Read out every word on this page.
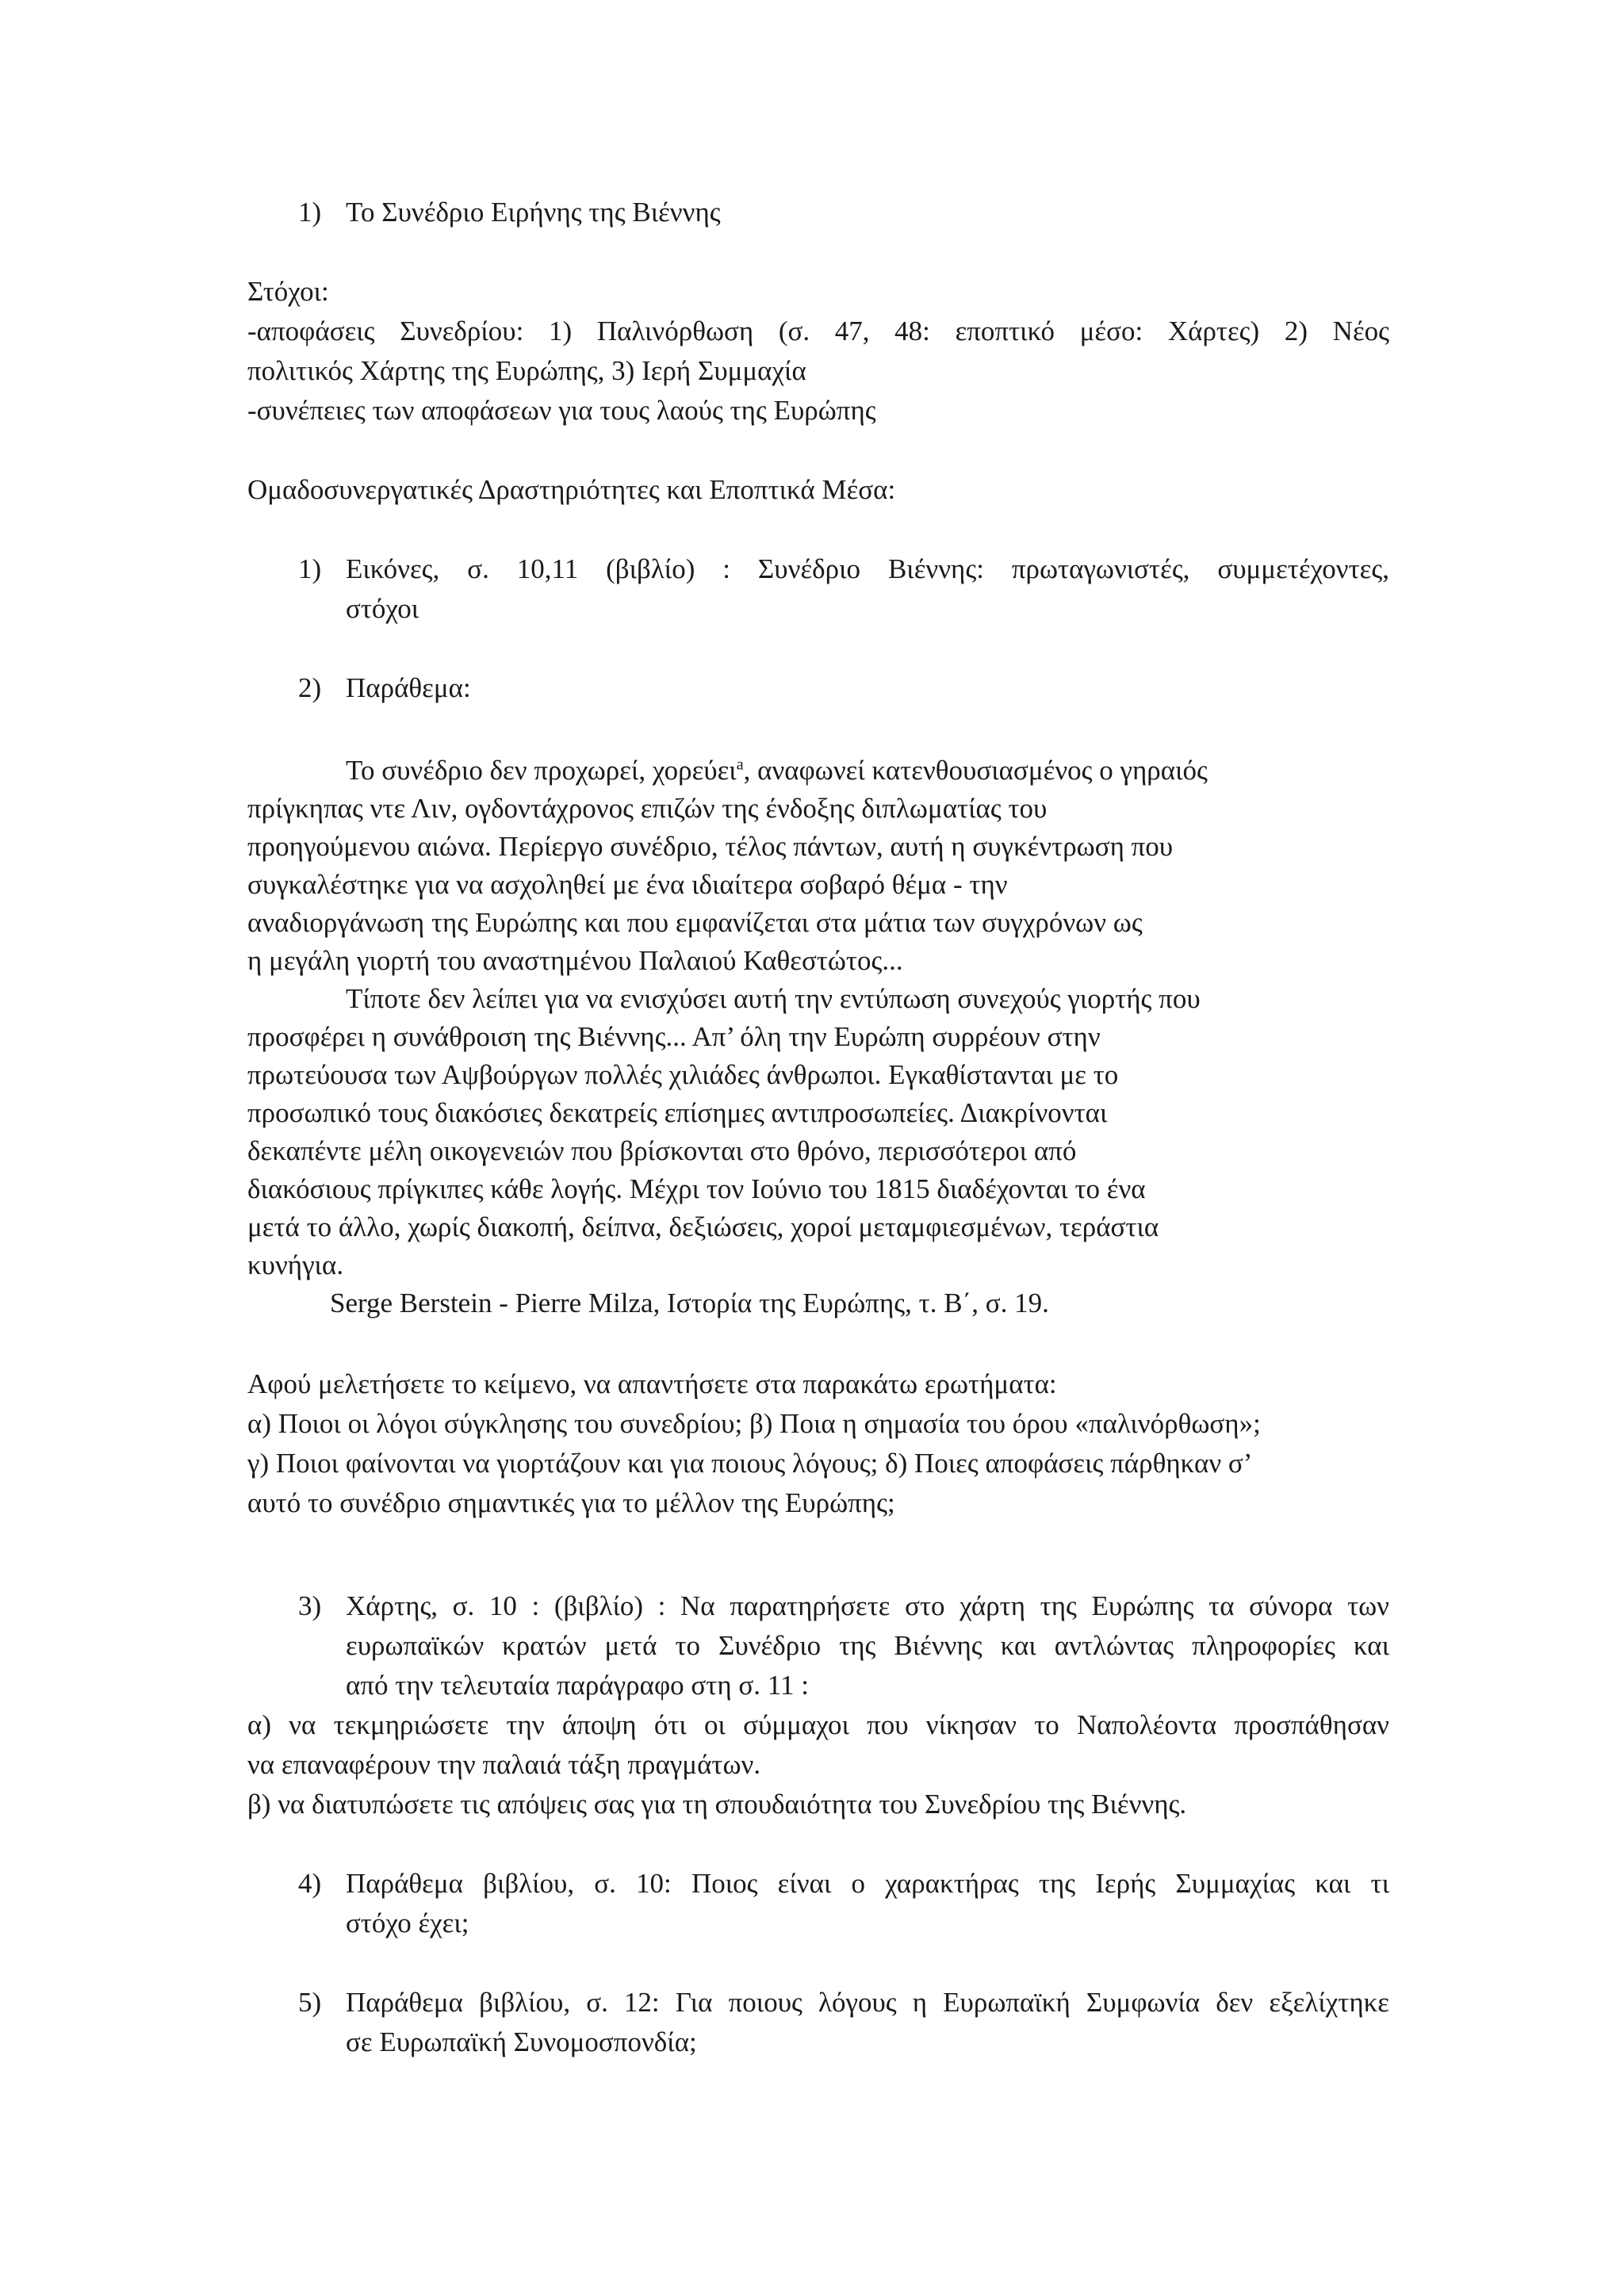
1) Το Συνέδριο Ειρήνης της Βιέννης
Στόχοι:
-αποφάσεις Συνεδρίου: 1) Παλινόρθωση (σ. 47, 48: εποπτικό μέσο: Χάρτες) 2) Νέος
πολιτικός Χάρτης της Ευρώπης, 3) Ιερή Συμμαχία
-συνέπειες των αποφάσεων για τους λαούς της Ευρώπης
Ομαδοσυνεργατικές Δραστηριότητες και Εποπτικά Μέσα:
1) Εικόνες, σ. 10,11 (βιβλίο) : Συνέδριο Βιέννης: πρωταγωνιστές, συμμετέχοντες,
στόχοι
2) Παράθεμα:
Το συνέδριο δεν προχωρεί, χορεύει$^a$, αναφωνεί κατενθουσιασμένος ο γηραιός
πρίγκηπας ντε Λιν, ογδοντάχρονος επιζών της ένδοξης διπλωματίας του
προηγούμενου αιώνα. Περίεργο συνέδριο, τέλος πάντων, αυτή η συγκέντρωση που
συγκαλέστηκε για να ασχοληθεί με ένα ιδιαίτερα σοβαρό θέμα - την
αναδιοργάνωση της Ευρώπης και που εμφανίζεται στα μάτια των συγχρόνων ως
η μεγάλη γιορτή του αναστημένου Παλαιού Καθεστώτος...
Τίποτε δεν λείπει για να ενισχύσει αυτή την εντύπωση συνεχούς γιορτής που
προσφέρει η συνάθροιση της Βιέννης... Απ’ όλη την Ευρώπη συρρέουν στην
πρωτεύουσα των Αψβούργων πολλές χιλιάδες άνθρωποι. Εγκαθίστανται με το
προσωπικό τους διακόσιες δεκατρείς επίσημες αντιπροσωπείες. Διακρίνονται
δεκαπέντε μέλη οικογενειών που βρίσκονται στο θρόνο, περισσότεροι από
διακόσιους πρίγκιπες κάθε λογής. Μέχρι τον Ιούνιο του 1815 διαδέχονται το ένα
μετά το άλλο, χωρίς διακοπή, δείπνα, δεξιώσεις, χοροί μεταμφιεσμένων, τεράστια
κυνήγια.
Serge Berstein - Pierre Milza, Ιστορία της Ευρώπης, τ. Β΄, σ. 19.
Αφού μελετήσετε το κείμενο, να απαντήσετε στα παρακάτω ερωτήματα:
α) Ποιοι οι λόγοι σύγκλησης του συνεδρίου; β) Ποια η σημασία του όρου «παλινόρθωση»;
γ) Ποιοι φαίνονται να γιορτάζουν και για ποιους λόγους; δ) Ποιες αποφάσεις πάρθηκαν σ’
αυτό το συνέδριο σημαντικές για το μέλλον της Ευρώπης;
3) Χάρτης, σ. 10 : (βιβλίο) : Να παρατηρήσετε στο χάρτη της Ευρώπης τα σύνορα των
ευρωπαϊκών κρατών μετά το Συνέδριο της Βιέννης και αντλώντας πληροφορίες και
από την τελευταία παράγραφο στη σ. 11 :
α) να τεκμηριώσετε την άποψη ότι οι σύμμαχοι που νίκησαν το Ναπολέοντα προσπάθησαν
να επαναφέρουν την παλαιά τάξη πραγμάτων.
β) να διατυπώσετε τις απόψεις σας για τη σπουδαιότητα του Συνεδρίου της Βιέννης.
4) Παράθεμα βιβλίου, σ. 10: Ποιος είναι ο χαρακτήρας της Ιερής Συμμαχίας και τι
στόχο έχει;
5) Παράθεμα βιβλίου, σ. 12: Για ποιους λόγους η Ευρωπαϊκή Συμφωνία δεν εξελίχτηκε
σε Ευρωπαϊκή Συνομοσπονδία;
